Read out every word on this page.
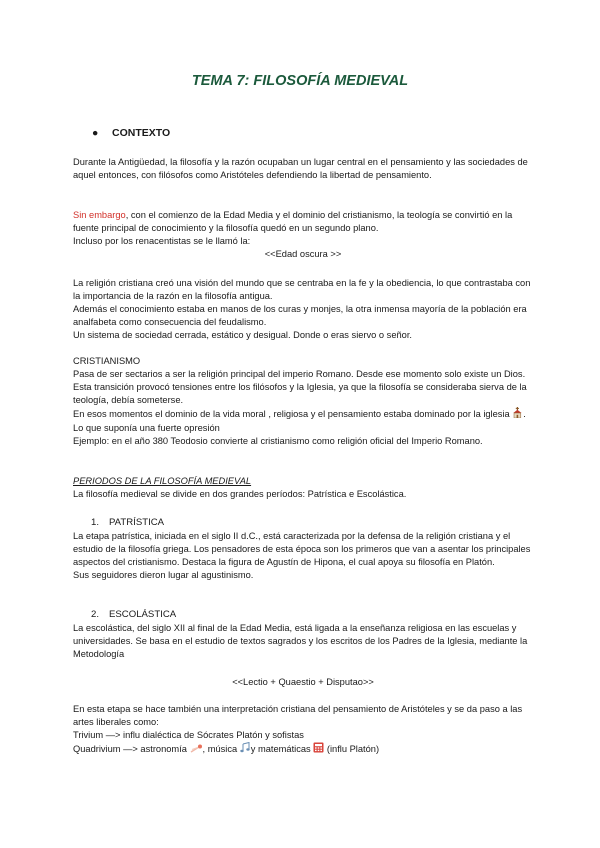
TEMA 7: FILOSOFÍA MEDIEVAL
● CONTEXTO

Durante la Antigüedad, la filosofía y la razón ocupaban un lugar central en el pensamiento y las sociedades de aquel entonces, con filósofos como Aristóteles defendiendo la libertad de pensamiento.

Sin embargo, con el comienzo de la Edad Media y el dominio del cristianismo, la teología se convirtió en la fuente principal de conocimiento y la filosofía quedó en un segundo plano.

Incluso por los renacentistas se le llamó la:

<<Edad oscura >>

La religión cristiana creó una visión del mundo que se centraba en la fe y la obediencia, lo que contrastaba con la importancia de la razón en la filosofía antigua.

Además el conocimiento estaba en manos de los curas y monjes, la otra inmensa mayoría de la población era analfabeta como consecuencia del feudalismo.

Un sistema de sociedad cerrada, estático y desigual. Donde o eras siervo o señor.

CRISTIANISMO

Pasa de ser sectarios a ser la religión principal del imperio Romano. Desde ese momento solo existe un Dios.

Esta transición provocó tensiones entre los filósofos y la Iglesia, ya que la filosofía se consideraba sierva de la teología, debía someterse.

En esos momentos el dominio de la vida moral , religiosa y el pensamiento estaba dominado por la iglesia . Lo que suponía una fuerte opresión

Ejemplo: en el año 380 Teodosio convierte al cristianismo como religión oficial del Imperio Romano.

PERIODOS DE LA FILOSOFÍA MEDIEVAL

La filosofía medieval se divide en dos grandes períodos: Patrística e Escolástica.

1. PATRÍSTICA

La etapa patrística, iniciada en el siglo II d.C., está caracterizada por la defensa de la religión cristiana y el estudio de la filosofía griega. Los pensadores de esta época son los primeros que van a asentar los principales aspectos del cristianismo. Destaca la figura de Agustín de Hipona, el cual apoya su filosofía en Platón.

Sus seguidores dieron lugar al agustinismo.

2. ESCOLÁSTICA

La escolástica, del siglo XII al final de la Edad Media, está ligada a la enseñanza religiosa en las escuelas y universidades. Se basa en el estudio de textos sagrados y los escritos de los Padres de la Iglesia, mediante la Metodología

<<Lectio + Quaestio + Disputao>>

En esta etapa se hace también una interpretación cristiana del pensamiento de Aristóteles y se da paso a las artes liberales como:

Trivium —> influ dialéctica de Sócrates Platón y sofistas

Quadrivium —> astronomía , música y matemáticas (influ Platón)
